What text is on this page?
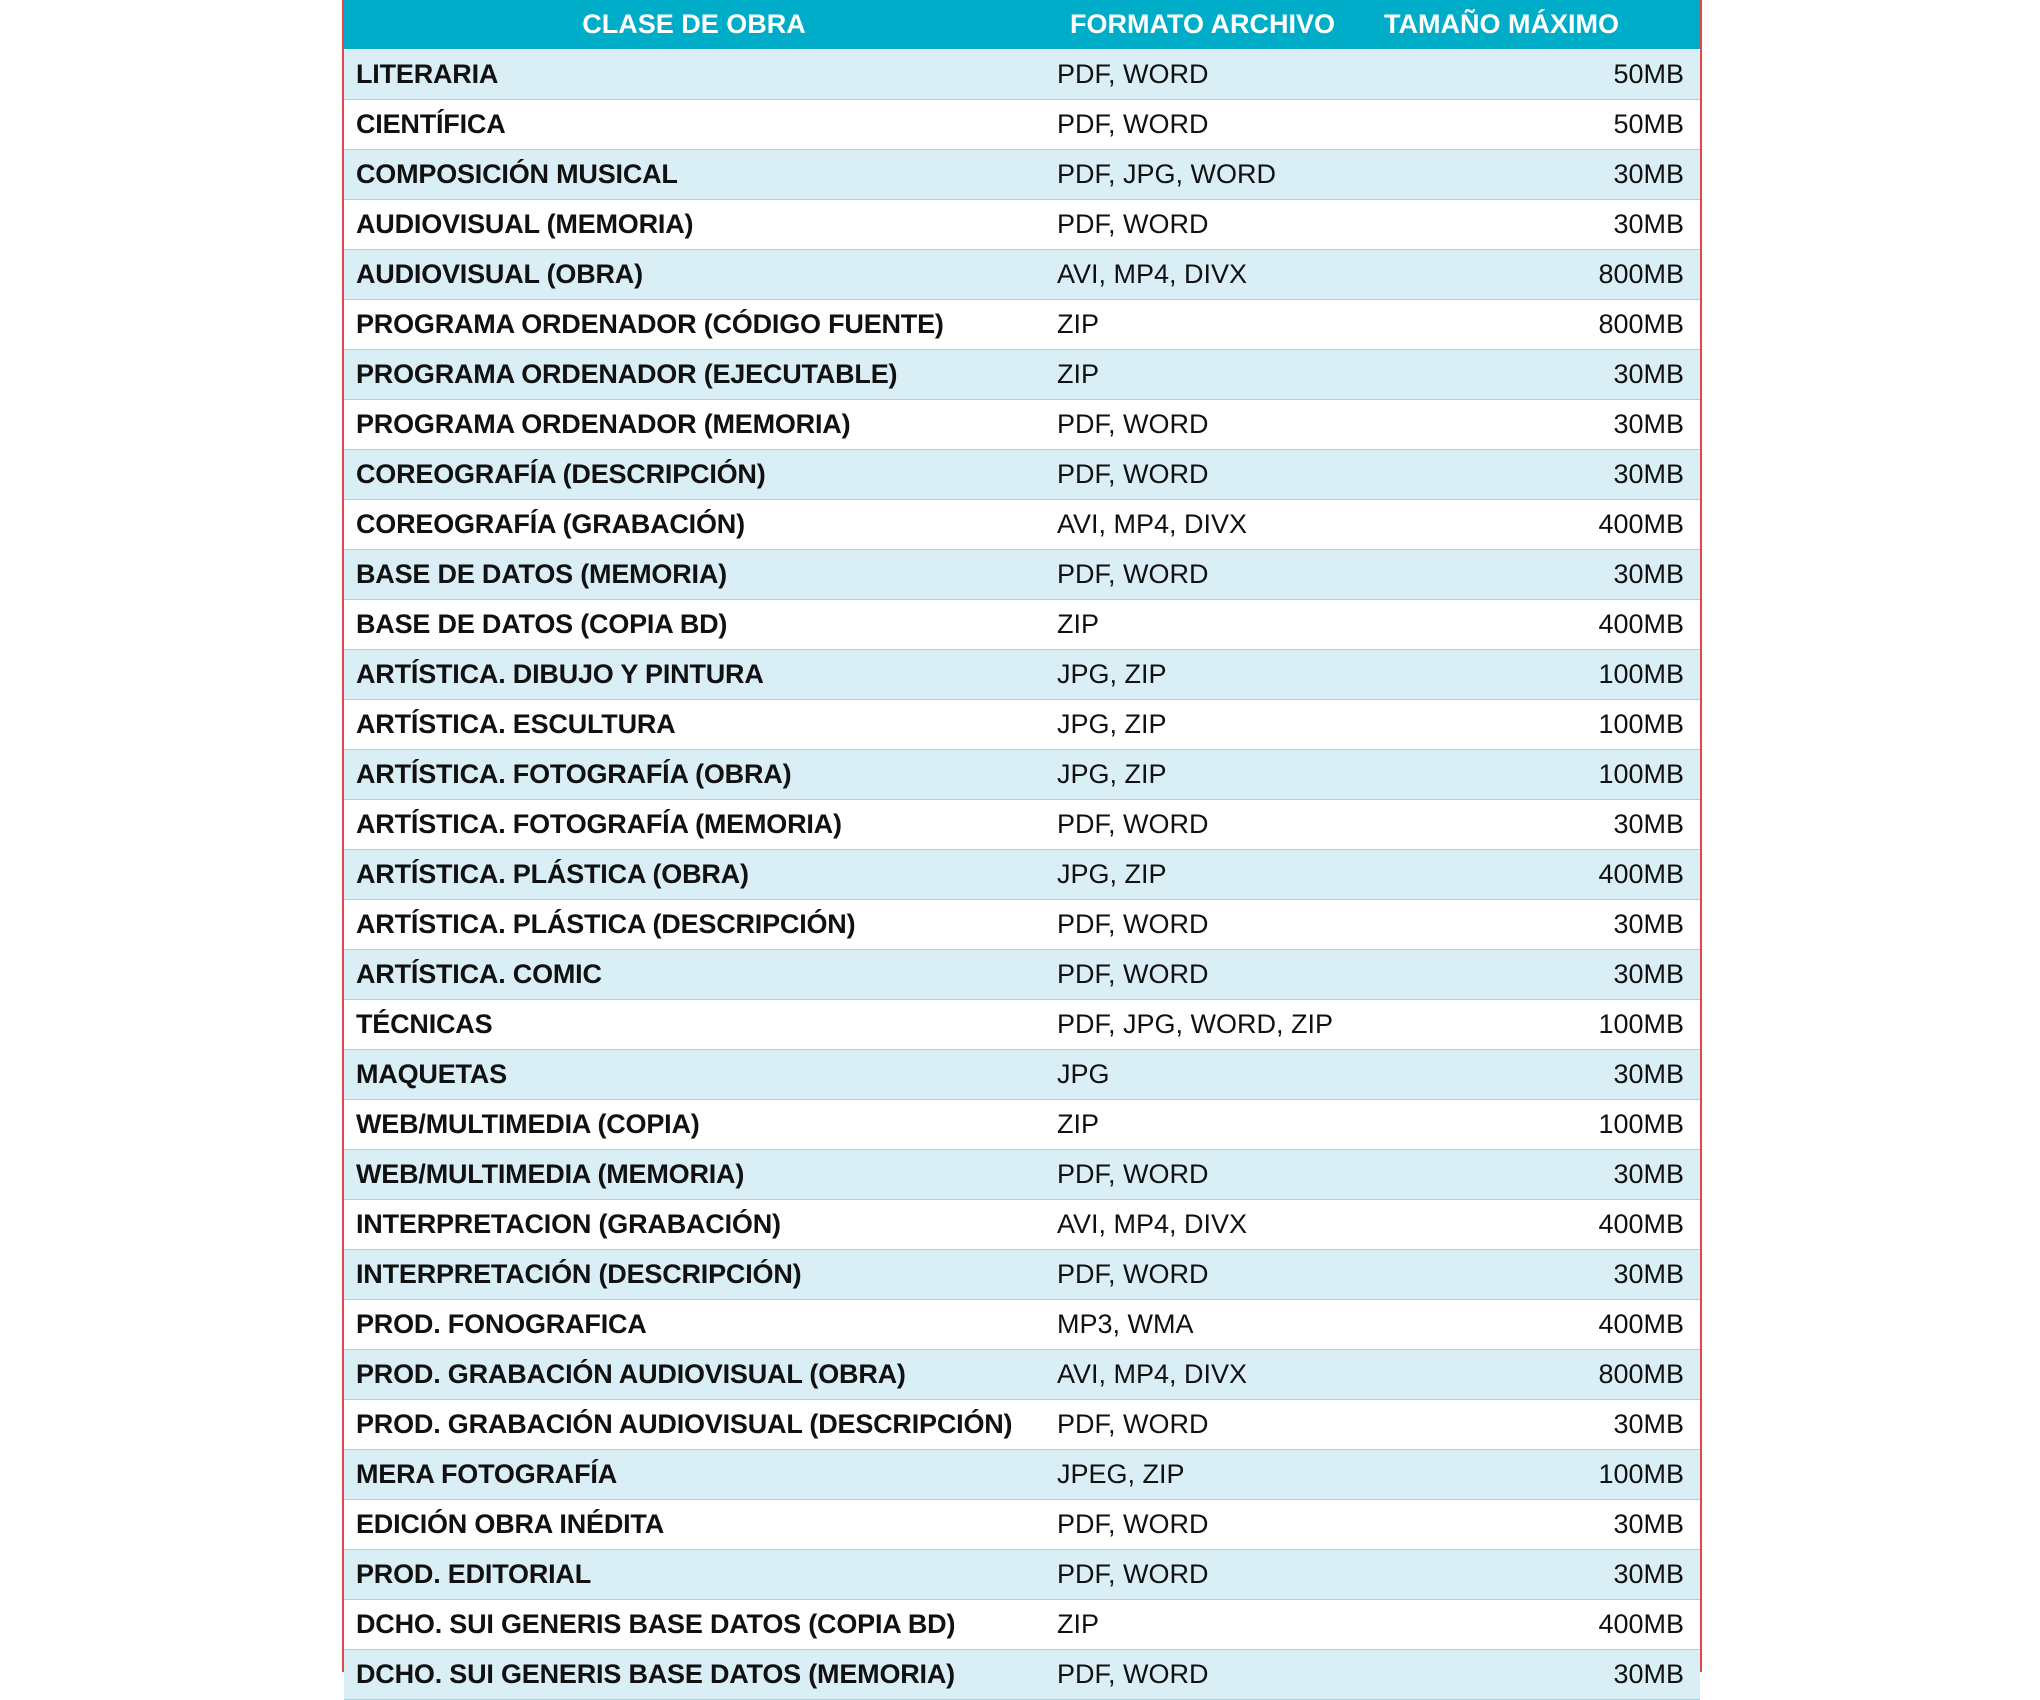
CLASE DE OBRA	FORMATO ARCHIVO	TAMAÑO MÁXIMO
LITERARIA	PDF, WORD	50MB
CIENTÍFICA	PDF, WORD	50MB
COMPOSICIÓN MUSICAL	PDF, JPG, WORD	30MB
AUDIOVISUAL (MEMORIA)	PDF, WORD	30MB
AUDIOVISUAL (OBRA)	AVI, MP4, DIVX	800MB
PROGRAMA ORDENADOR (CÓDIGO FUENTE)	ZIP	800MB
PROGRAMA ORDENADOR (EJECUTABLE)	ZIP	30MB
PROGRAMA ORDENADOR (MEMORIA)	PDF, WORD	30MB
COREOGRAFÍA (DESCRIPCIÓN)	PDF, WORD	30MB
COREOGRAFÍA (GRABACIÓN)	AVI, MP4, DIVX	400MB
BASE DE DATOS (MEMORIA)	PDF, WORD	30MB
BASE DE DATOS (COPIA BD)	ZIP	400MB
ARTÍSTICA. DIBUJO Y PINTURA	JPG, ZIP	100MB
ARTÍSTICA. ESCULTURA	JPG, ZIP	100MB
ARTÍSTICA. FOTOGRAFÍA (OBRA)	JPG, ZIP	100MB
ARTÍSTICA. FOTOGRAFÍA (MEMORIA)	PDF, WORD	30MB
ARTÍSTICA. PLÁSTICA (OBRA)	JPG, ZIP	400MB
ARTÍSTICA. PLÁSTICA (DESCRIPCIÓN)	PDF, WORD	30MB
ARTÍSTICA. COMIC	PDF, WORD	30MB
TÉCNICAS	PDF, JPG, WORD, ZIP	100MB
MAQUETAS	JPG	30MB
WEB/MULTIMEDIA (COPIA)	ZIP	100MB
WEB/MULTIMEDIA (MEMORIA)	PDF, WORD	30MB
INTERPRETACION (GRABACIÓN)	AVI, MP4, DIVX	400MB
INTERPRETACIÓN (DESCRIPCIÓN)	PDF, WORD	30MB
PROD. FONOGRAFICA	MP3, WMA	400MB
PROD. GRABACIÓN AUDIOVISUAL (OBRA)	AVI, MP4, DIVX	800MB
PROD. GRABACIÓN AUDIOVISUAL (DESCRIPCIÓN)	PDF, WORD	30MB
MERA FOTOGRAFÍA	JPEG, ZIP	100MB
EDICIÓN OBRA INÉDITA	PDF, WORD	30MB
PROD. EDITORIAL	PDF, WORD	30MB
DCHO. SUI GENERIS BASE DATOS (COPIA BD)	ZIP	400MB
DCHO. SUI GENERIS BASE DATOS (MEMORIA)	PDF, WORD	30MB
